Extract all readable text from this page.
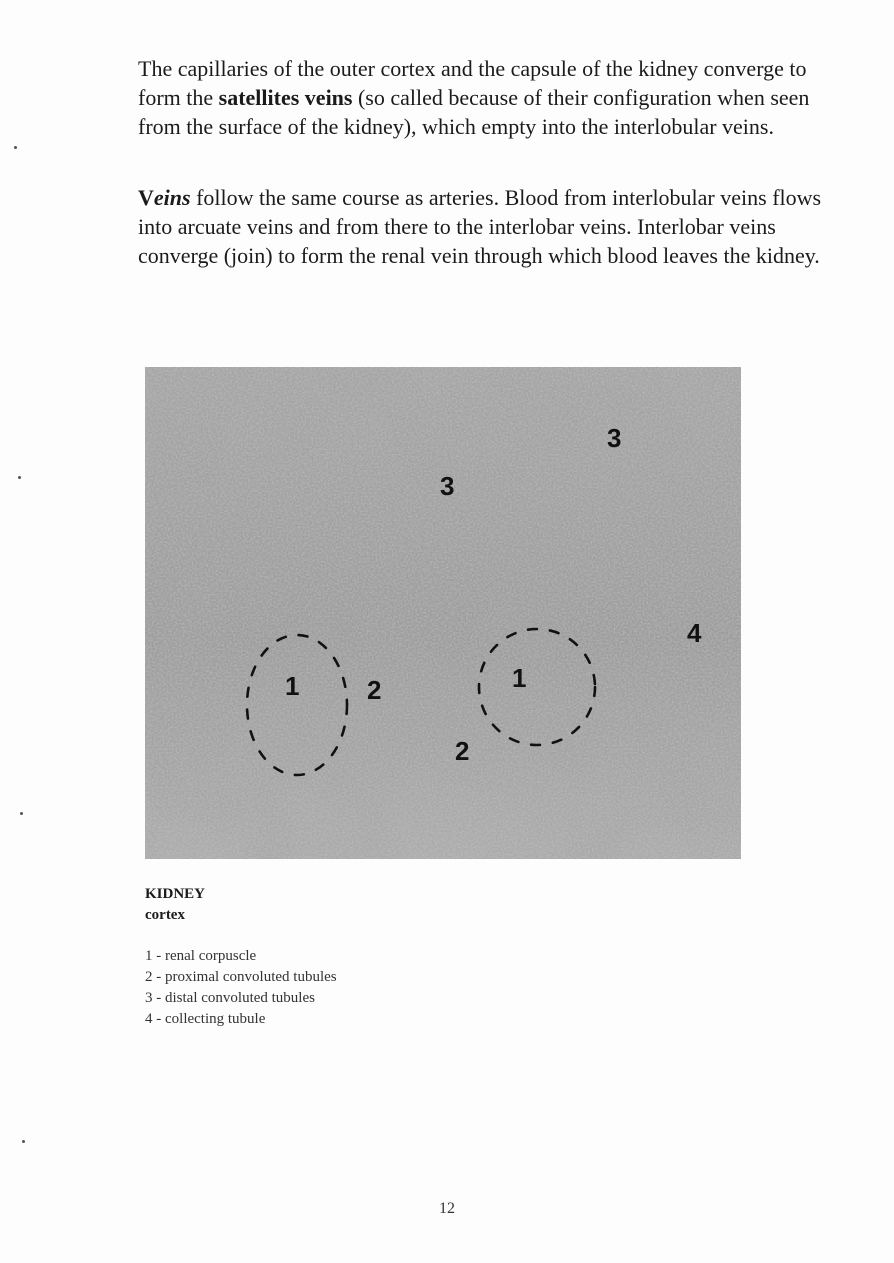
The capillaries of the outer cortex and the capsule of the kidney converge to form the satellites veins (so called because of their configuration when seen from the surface of the kidney), which empty into the interlobular veins.

Veins follow the same course as arteries. Blood from interlobular veins flows into arcuate veins and from there to the interlobar veins. Interlobar veins converge (join) to form the renal vein through which blood leaves the kidney.

3
3
4
1	2	1
2

KIDNEY

cortex

1 - renal corpuscle
2 - proximal convoluted tubules
3 - distal convoluted tubules
4 - collecting tubule
12
